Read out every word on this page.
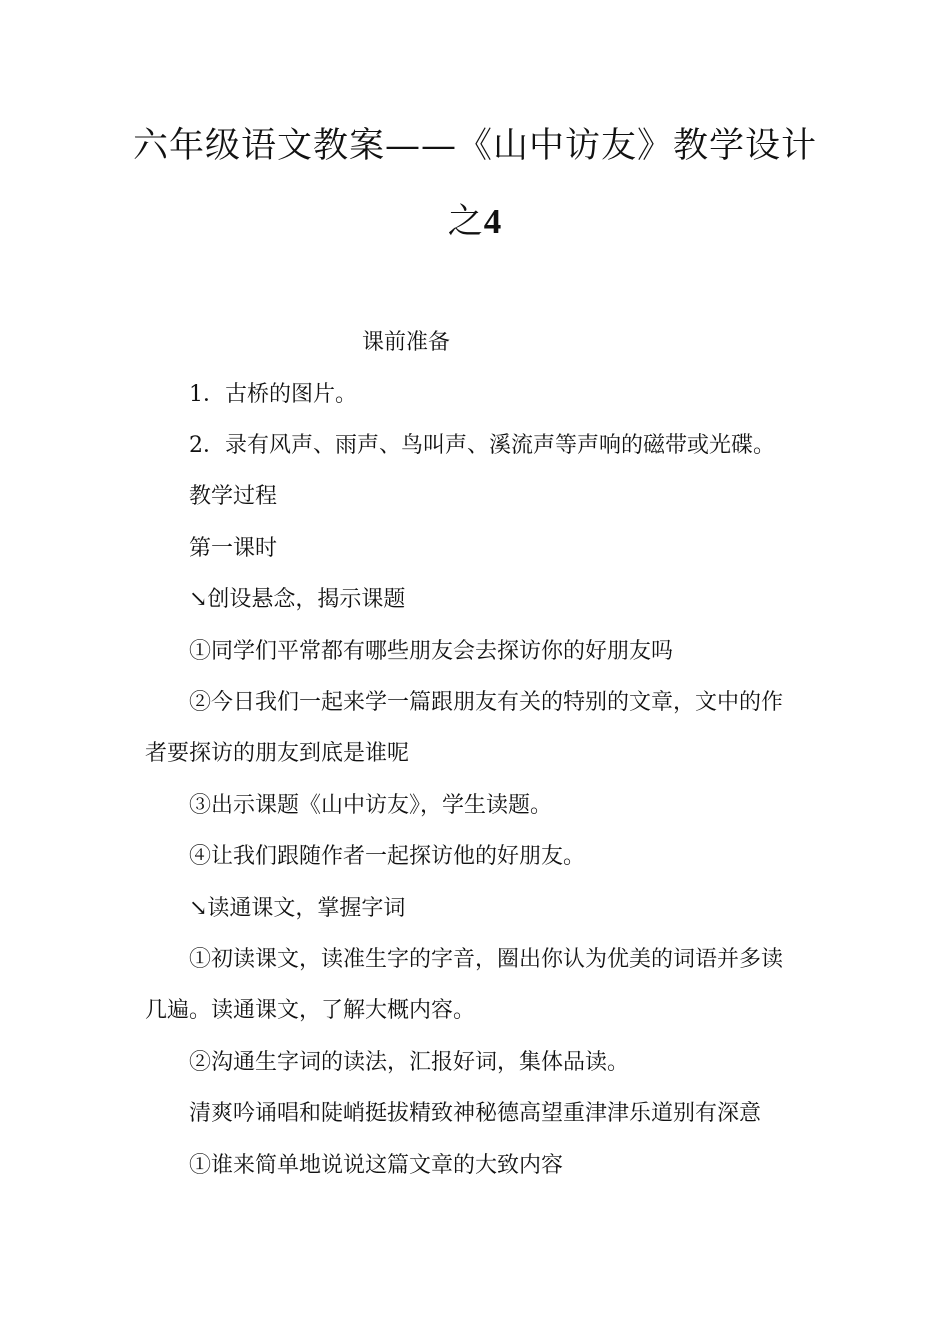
六年级语文教案——《山中访友》教学设计
之4
课前准备
1．古桥的图片。
2．录有风声、雨声、鸟叫声、溪流声等声响的磁带或光碟。
教学过程
第一课时
↘创设悬念，揭示课题
①同学们平常都有哪些朋友会去探访你的好朋友吗
②今日我们一起来学一篇跟朋友有关的特别的文章，文中的作
者要探访的朋友到底是谁呢
③出示课题《山中访友》，学生读题。
④让我们跟随作者一起探访他的好朋友。
↘读通课文，掌握字词
①初读课文，读准生字的字音，圈出你认为优美的词语并多读
几遍。读通课文，了解大概内容。
②沟通生字词的读法，汇报好词，集体品读。
清爽吟诵唱和陡峭挺拔精致神秘德高望重津津乐道别有深意
①谁来简单地说说这篇文章的大致内容
